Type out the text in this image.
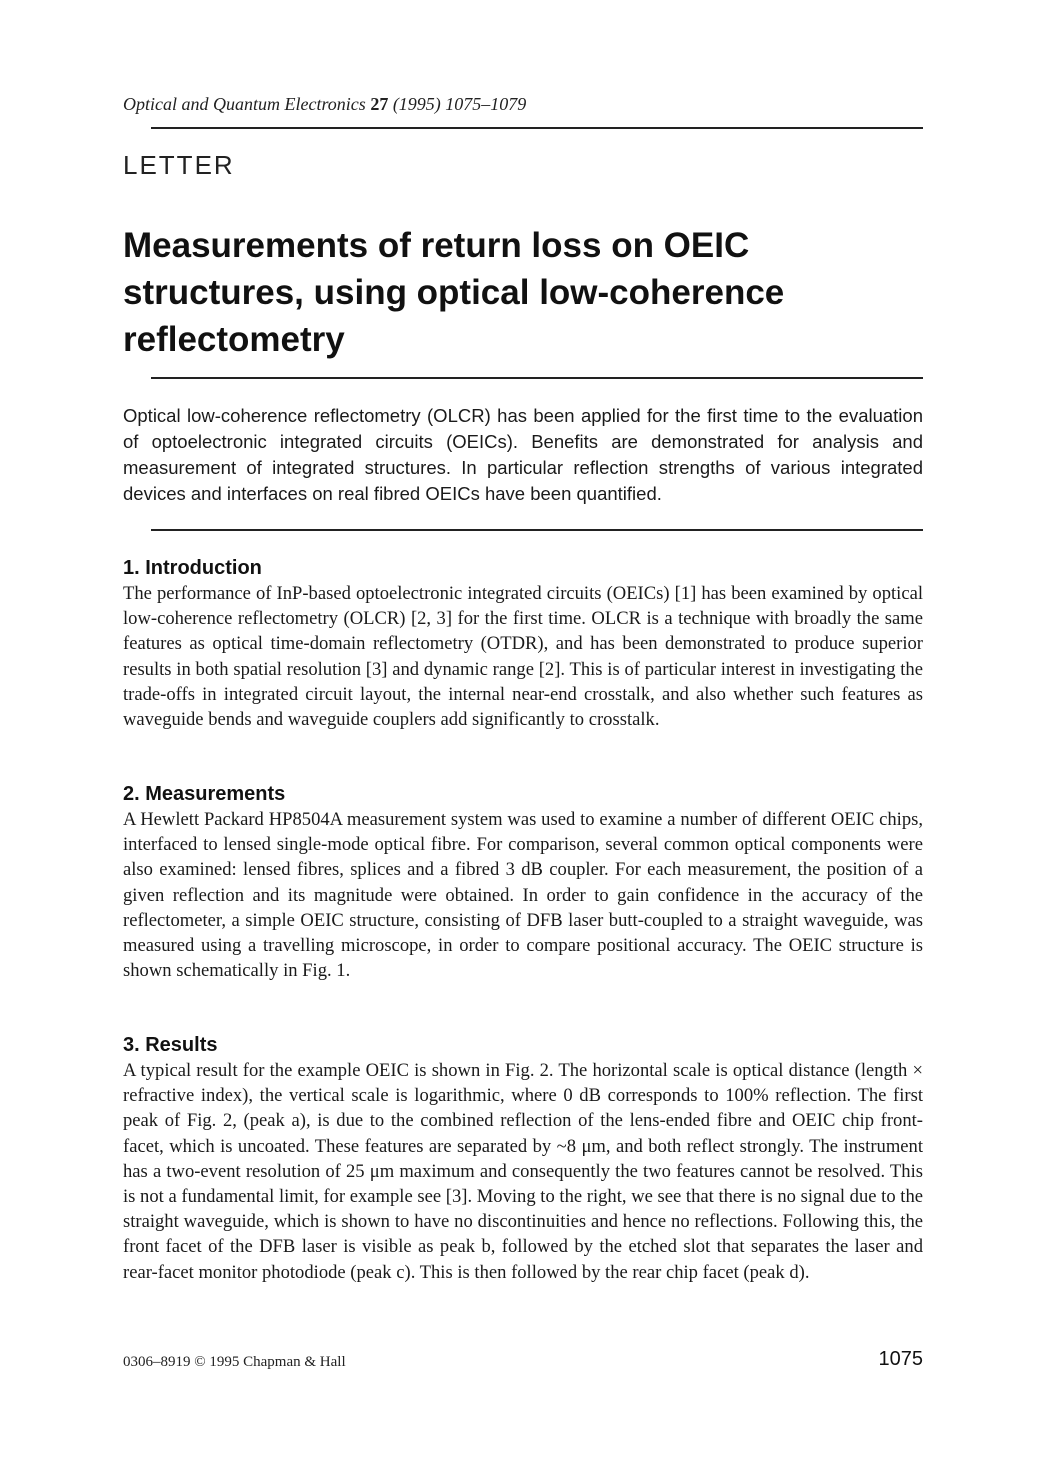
Optical and Quantum Electronics 27 (1995) 1075–1079
LETTER
Measurements of return loss on OEIC structures, using optical low-coherence reflectometry

Optical low-coherence reflectometry (OLCR) has been applied for the first time to the evaluation of optoelectronic integrated circuits (OEICs). Benefits are demonstrated for analysis and measurement of integrated structures. In particular reflection strengths of various integrated devices and interfaces on real fibred OEICs have been quantified.

1. Introduction

The performance of InP-based optoelectronic integrated circuits (OEICs) [1] has been examined by optical low-coherence reflectometry (OLCR) [2, 3] for the first time. OLCR is a technique with broadly the same features as optical time-domain reflectometry (OTDR), and has been demonstrated to produce superior results in both spatial resolution [3] and dynamic range [2]. This is of particular interest in investigating the trade-offs in integrated circuit layout, the internal near-end crosstalk, and also whether such features as waveguide bends and waveguide couplers add significantly to crosstalk.

2. Measurements

A Hewlett Packard HP8504A measurement system was used to examine a number of different OEIC chips, interfaced to lensed single-mode optical fibre. For comparison, several common optical components were also examined: lensed fibres, splices and a fibred 3 dB coupler. For each measurement, the position of a given reflection and its magnitude were obtained. In order to gain confidence in the accuracy of the reflectometer, a simple OEIC structure, consisting of DFB laser butt-coupled to a straight waveguide, was measured using a travelling microscope, in order to compare positional accuracy. The OEIC structure is shown schematically in Fig. 1.

3. Results

A typical result for the example OEIC is shown in Fig. 2. The horizontal scale is optical distance (length × refractive index), the vertical scale is logarithmic, where 0 dB corresponds to 100% reflection. The first peak of Fig. 2, (peak a), is due to the combined reflection of the lens-ended fibre and OEIC chip front-facet, which is uncoated. These features are separated by ~8 μm, and both reflect strongly. The instrument has a two-event resolution of 25 μm maximum and consequently the two features cannot be resolved. This is not a fundamental limit, for example see [3]. Moving to the right, we see that there is no signal due to the straight waveguide, which is shown to have no discontinuities and hence no reflections. Following this, the front facet of the DFB laser is visible as peak b, followed by the etched slot that separates the laser and rear-facet monitor photodiode (peak c). This is then followed by the rear chip facet (peak d).

0306–8919 © 1995 Chapman & Hall	1075
